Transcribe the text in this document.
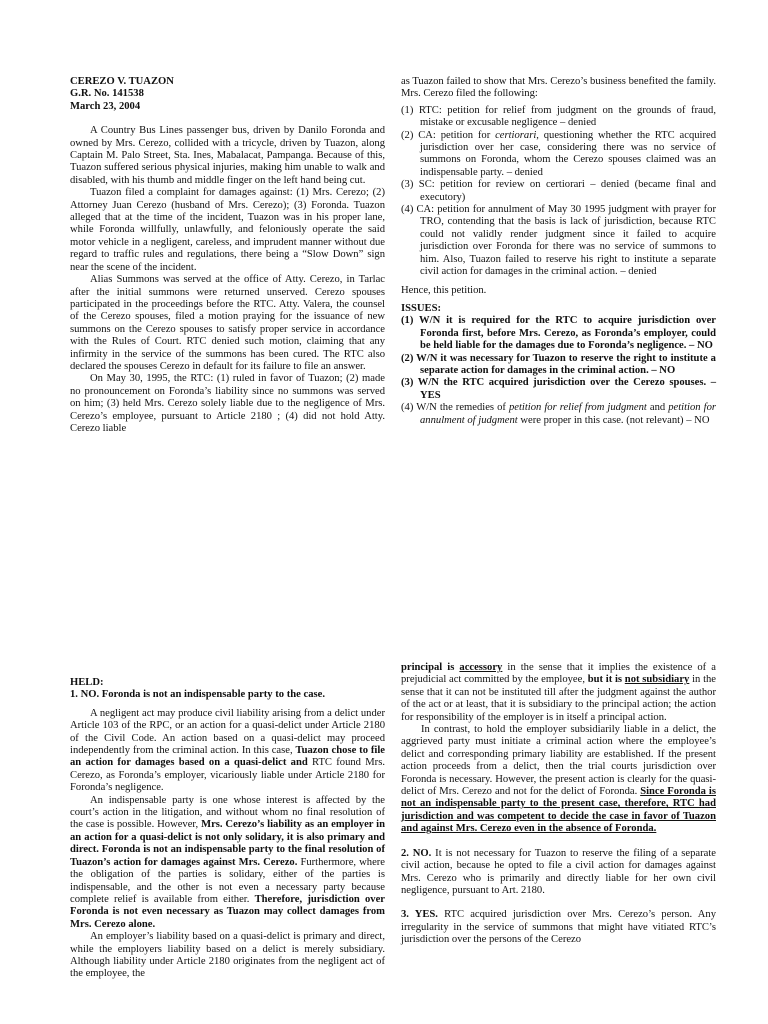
CEREZO V. TUAZON
G.R. No. 141538
March 23, 2004

A Country Bus Lines passenger bus, driven by Danilo Foronda and owned by Mrs. Cerezo, collided with a tricycle, driven by Tuazon, along Captain M. Palo Street, Sta. Ines, Mabalacat, Pampanga. Because of this, Tuazon suffered serious physical injuries, making him unable to walk and disabled, with his thumb and middle finger on the left hand being cut.

Tuazon filed a complaint for damages against: (1) Mrs. Cerezo; (2) Attorney Juan Cerezo (husband of Mrs. Cerezo); (3) Foronda. Tuazon alleged that at the time of the incident, Tuazon was in his proper lane, while Foronda willfully, unlawfully, and feloniously operate the said motor vehicle in a negligent, careless, and imprudent manner without due regard to traffic rules and regulations, there being a “Slow Down” sign near the scene of the incident.

Alias Summons was served at the office of Atty. Cerezo, in Tarlac after the initial summons were returned unserved. Cerezo spouses participated in the proceedings before the RTC. Atty. Valera, the counsel of the Cerezo spouses, filed a motion praying for the issuance of new summons on the Cerezo spouses to satisfy proper service in accordance with the Rules of Court. RTC denied such motion, claiming that any infirmity in the service of the summons has been cured. The RTC also declared the spouses Cerezo in default for its failure to file an answer.

On May 30, 1995, the RTC: (1) ruled in favor of Tuazon; (2) made no pronouncement on Foronda’s liability since no summons was served on him; (3) held Mrs. Cerezo solely liable due to the negligence of Mrs. Cerezo’s employee, pursuant to Article 2180 ; (4) did not hold Atty. Cerezo liable

as Tuazon failed to show that Mrs. Cerezo’s business benefited the family. Mrs. Cerezo filed the following:

(1) RTC: petition for relief from judgment on the grounds of fraud, mistake or excusable negligence – denied
(2) CA: petition for certiorari, questioning whether the RTC acquired jurisdiction over her case, considering there was no service of summons on Foronda, whom the Cerezo spouses claimed was an indispensable party. – denied
(3) SC: petition for review on certiorari – denied (became final and executory)
(4) CA: petition for annulment of May 30 1995 judgment with prayer for TRO, contending that the basis is lack of jurisdiction, because RTC could not validly render judgment since it failed to acquire jurisdiction over Foronda for there was no service of summons to him. Also, Tuazon failed to reserve his right to institute a separate civil action for damages in the criminal action. – denied

Hence, this petition.

ISSUES:
(1) W/N it is required for the RTC to acquire jurisdiction over Foronda first, before Mrs. Cerezo, as Foronda’s employer, could be held liable for the damages due to Foronda’s negligence. – NO
(2) W/N it was necessary for Tuazon to reserve the right to institute a separate action for damages in the criminal action. – NO
(3) W/N the RTC acquired jurisdiction over the Cerezo spouses. – YES
(4) W/N the remedies of petition for relief from judgment and petition for annulment of judgment were proper in this case. (not relevant) – NO
HELD:
1. NO. Foronda is not an indispensable party to the case.

A negligent act may produce civil liability arising from a delict under Article 103 of the RPC, or an action for a quasi-delict under Article 2180 of the Civil Code. An action based on a quasi-delict may proceed independently from the criminal action. In this case, Tuazon chose to file an action for damages based on a quasi-delict and RTC found Mrs. Cerezo, as Foronda’s employer, vicariously liable under Article 2180 for Foronda’s negligence.

An indispensable party is one whose interest is affected by the court’s action in the litigation, and without whom no final resolution of the case is possible. However, Mrs. Cerezo’s liability as an employer in an action for a quasi-delict is not only solidary, it is also primary and direct. Foronda is not an indispensable party to the final resolution of Tuazon’s action for damages against Mrs. Cerezo. Furthermore, where the obligation of the parties is solidary, either of the parties is indispensable, and the other is not even a necessary party because complete relief is available from either. Therefore, jurisdiction over Foronda is not even necessary as Tuazon may collect damages from Mrs. Cerezo alone.

An employer’s liability based on a quasi-delict is primary and direct, while the employers liability based on a delict is merely subsidiary. Although liability under Article 2180 originates from the negligent act of the employee, the

principal is accessory in the sense that it implies the existence of a prejudicial act committed by the employee, but it is not subsidiary in the sense that it can not be instituted till after the judgment against the author of the act or at least, that it is subsidiary to the principal action; the action for responsibility of the employer is in itself a principal action.

In contrast, to hold the employer subsidiarily liable in a delict, the aggrieved party must initiate a criminal action where the employee’s delict and corresponding primary liability are established. If the present action proceeds from a delict, then the trial courts jurisdiction over Foronda is necessary. However, the present action is clearly for the quasi-delict of Mrs. Cerezo and not for the delict of Foronda. Since Foronda is not an indispensable party to the present case, therefore, RTC had jurisdiction and was competent to decide the case in favor of Tuazon and against Mrs. Cerezo even in the absence of Foronda.

2. NO. It is not necessary for Tuazon to reserve the filing of a separate civil action, because he opted to file a civil action for damages against Mrs. Cerezo who is primarily and directly liable for her own civil negligence, pursuant to Art. 2180.

3. YES. RTC acquired jurisdiction over Mrs. Cerezo’s person. Any irregularity in the service of summons that might have vitiated RTC’s jurisdiction over the persons of the Cerezo
